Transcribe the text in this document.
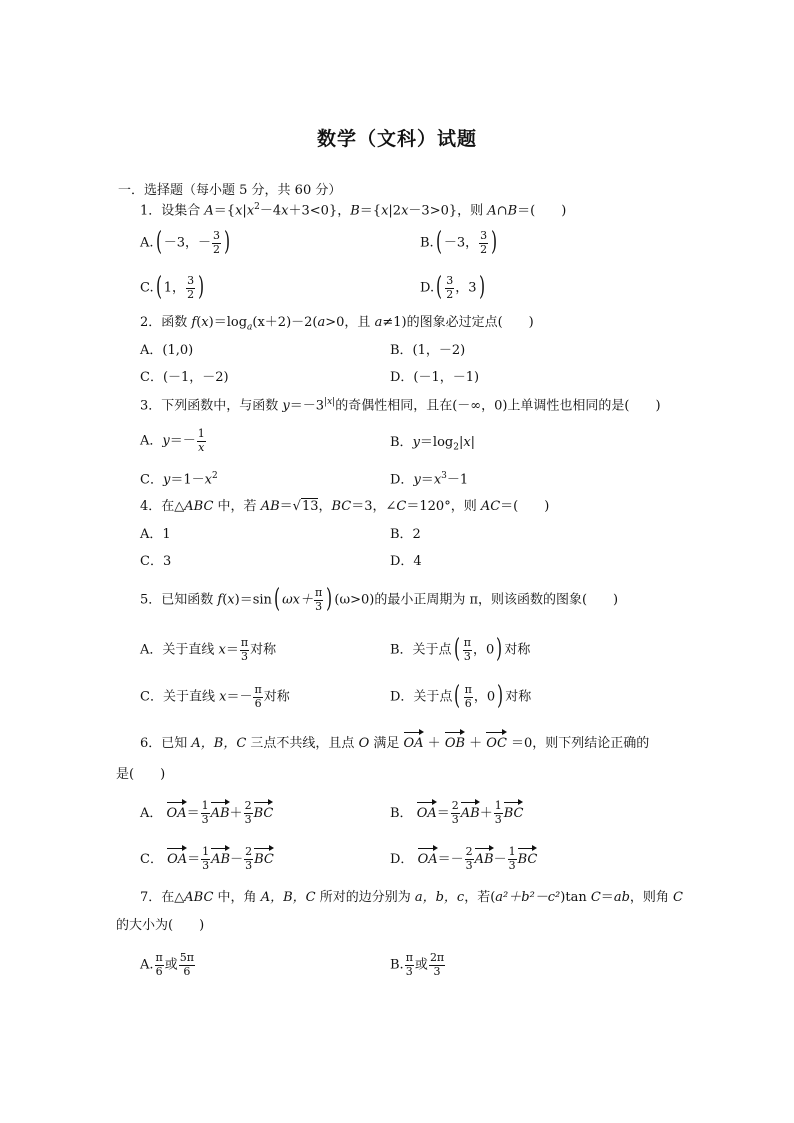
数学（文科）试题
一．选择题（每小题 5 分，共 60 分）
1．设集合 $A=\{x|x^2-4x+3<0\}$，B＝{x|2x－3>0}，则 A∩B＝(　　)
A.( －3，－ $\frac{3}{2}$ )	B.( －3， $\frac{3}{2}$ )
C.( 1， $\frac{3}{2}$ )	$D.( \frac{3}{2}$ ，3)
2．函数 $f(x)=\log_a(x+2)-2(a>0$，且 a≠1)的图象必过定点(　　)
A．(1,0)	B．(1，－2)
C．(－1，－2)	D．(－1，－1)
3．下列函数中，与函数 $y=-3^{|x|}$的奇偶性相同，且在(－∞，0)上单调性也相同的是(　　)
A．$y=- \frac{1}{x}$	B．$y=\log_2|x|$
C．$y=1-x^2$	D．$y=x^3-1$
4．在△ABC 中，若 AB＝√13，BC＝3，∠C＝120°，则 AC＝(　　)
A．1	B．2
C．3	D．4
5．已知函数 f(x)＝sin( $\omega x+ \frac{\pi}{3}$ ) (ω>0)的最小正周期为 π，则该函数的图象(　　)
A．关于直线 $x= \frac{\pi}{3}$ 对称	B．关于点( $\frac{\pi}{3}$ ，0) 对称
C．关于直线 $x=- \frac{\pi}{6}$ 对称	D．关于点( $\frac{\pi}{6}$ ，0) 对称
6．已知 A，B，C 三点不共线，且点 O 满足 OA ＋ OB ＋ OC ＝0，则下列结论正确的
是(　　)
A． $OA= \frac{1}{3} AB+ \frac{2}{3}$ BC	B． $OA= \frac{2}{3} AB+ \frac{1}{3}$ BC
C． $OA= \frac{1}{3} AB- \frac{2}{3}$ BC	D． $OA=- \frac{2}{3} AB- \frac{1}{3}$ BC
7．在△ABC 中，角 A，B，C 所对的边分别为 a，b，c，若(a²＋b²－c²)tan C＝ab，则角 C
的大小为(　　)
A. $\frac{\pi}{6}$ 或 $\frac{5\pi}{6}$	B. $\frac{\pi}{3}$ 或 $\frac{2\pi}{3}$
